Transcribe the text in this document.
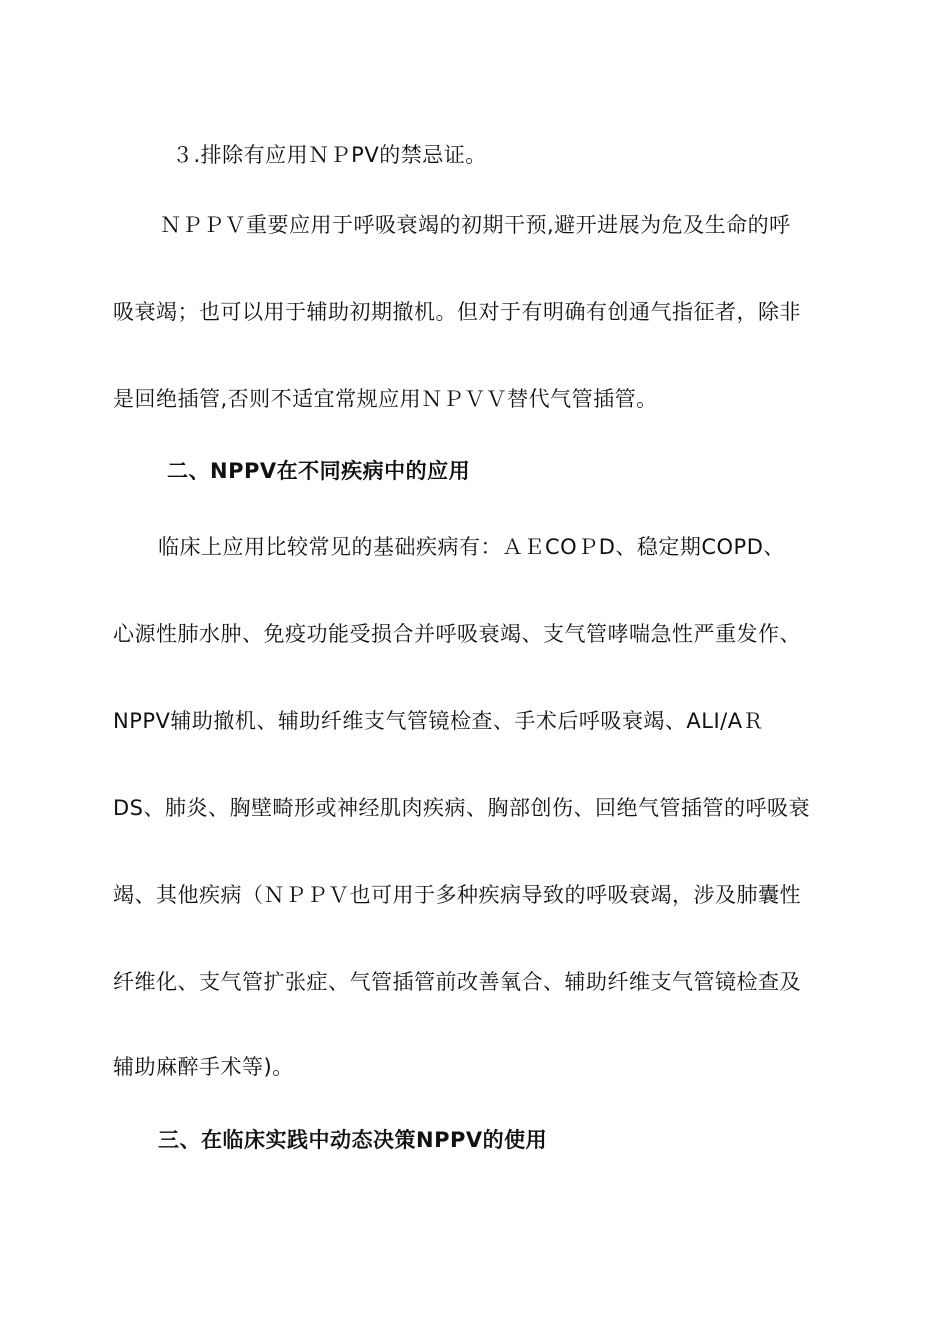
３.排除有应用ＮＰPV的禁忌证。
ＮＰＰＶ重要应用于呼吸衰竭的初期干预,避开进展为危及生命的呼
吸衰竭；也可以用于辅助初期撤机。但对于有明确有创通气指征者，除非
是回绝插管,否则不适宜常规应用ＮＰＶＶ替代气管插管。
二、NPPV在不同疾病中的应用
临床上应用比较常见的基础疾病有：ＡＥCOＰD、稳定期COPD、
心源性肺水肿、免疫功能受损合并呼吸衰竭、支气管哮喘急性严重发作、
NPPV辅助撤机、辅助纤维支气管镜检查、手术后呼吸衰竭、ALI/AＲ
DS、肺炎、胸壁畸形或神经肌肉疾病、胸部创伤、回绝气管插管的呼吸衰
竭、其他疾病（ＮＰＰＶ也可用于多种疾病导致的呼吸衰竭，涉及肺囊性
纤维化、支气管扩张症、气管插管前改善氧合、辅助纤维支气管镜检查及
辅助麻醉手术等)。
三、在临床实践中动态决策NPPV的使用
